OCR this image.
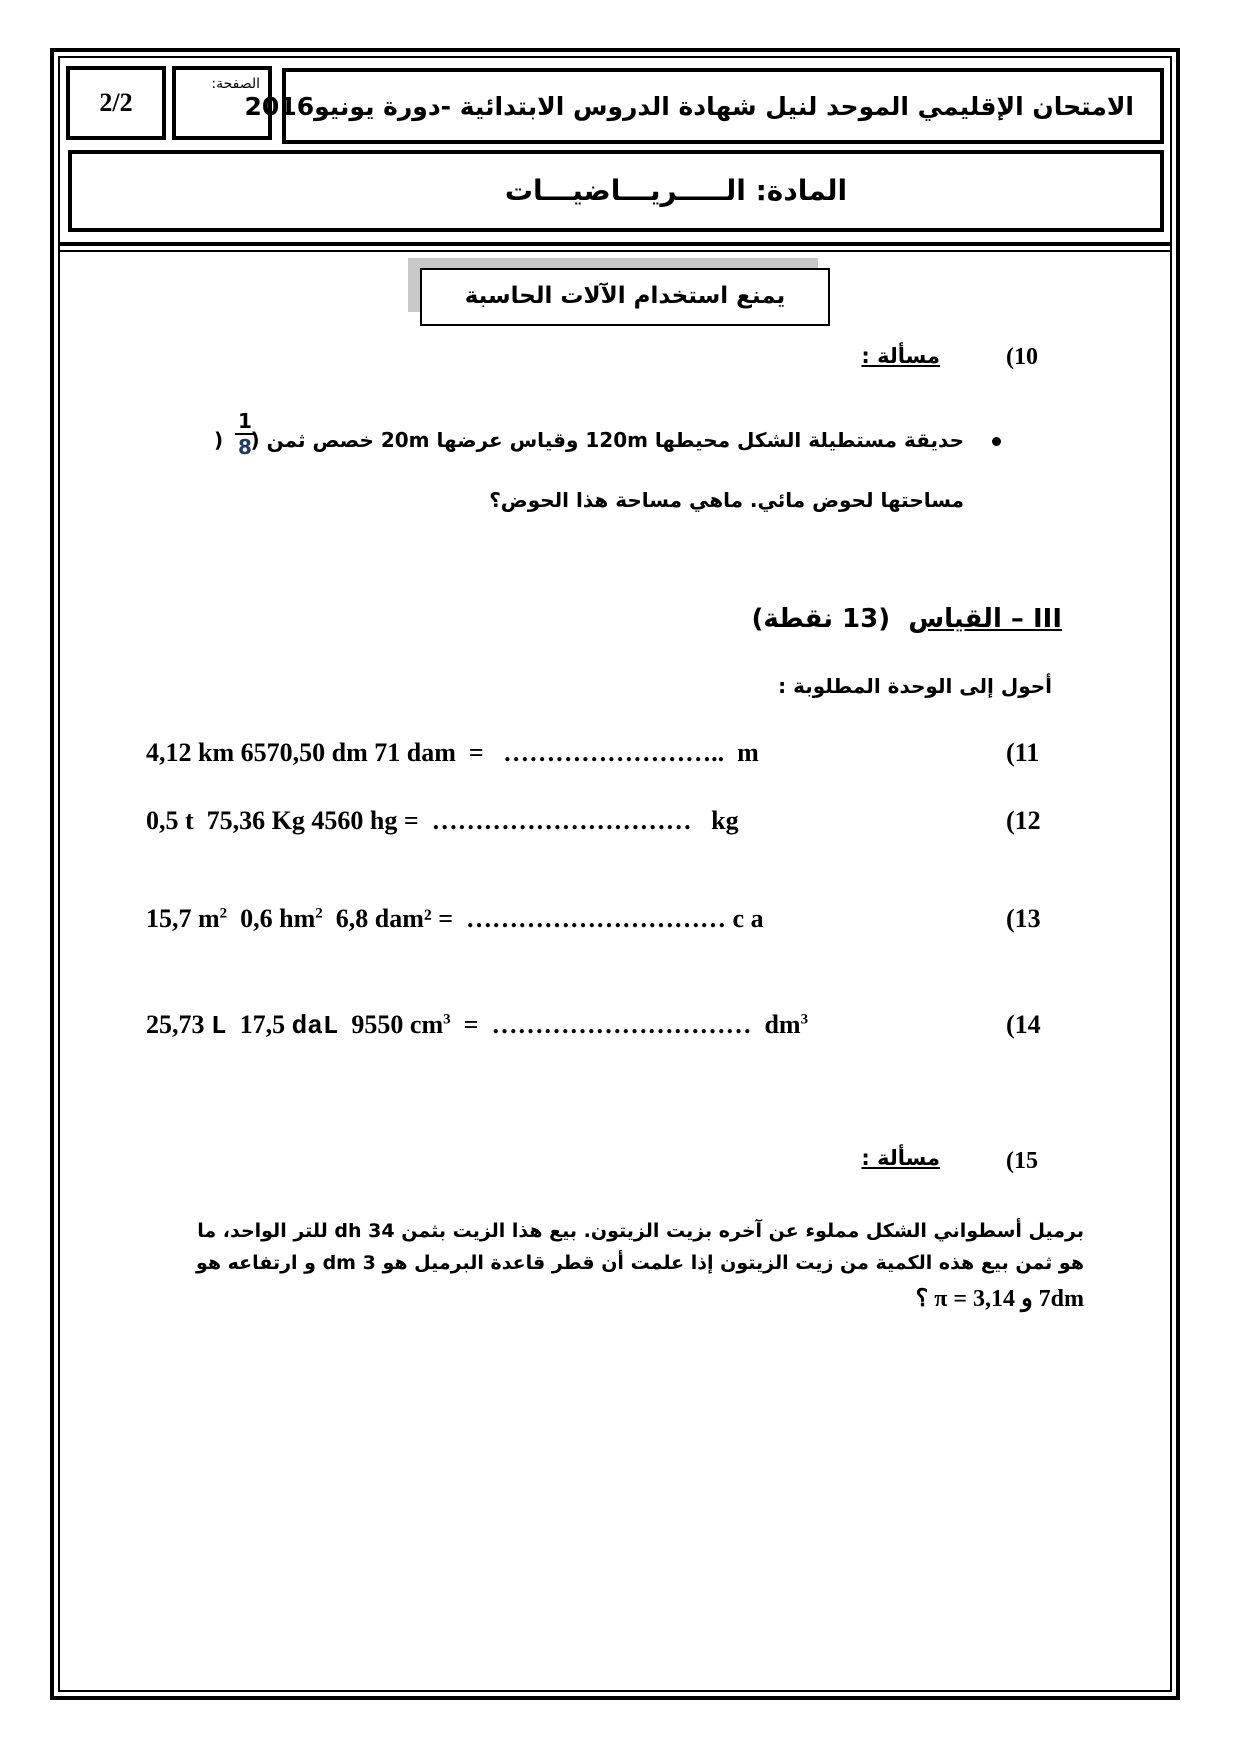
2/2
الصفحة:
الامتحان الإقليمي الموحد لنيل شهادة الدروس الابتدائية -دورة يونيو2016
المادة: الـــــريـــاضيـــات
يمنع استخدام الآلات الحاسبة
(10
مسألة :
حديقة مستطيلة الشكل محيطها 120m وقياس عرضها 20m خصص ثمن (
1
8
)
مساحتها لحوض مائي. ماهي مساحة هذا الحوض؟
III – القياس  (13 نقطة)
أحول إلى الوحدة المطلوبة :
4,12 km 6570,50 dm 71 dam  =   ……………………..  m	(11
0,5 t  75,36 Kg 4560 hg =  …………………………   kg	(12
15,7 $m^2$  0,6 $hm^2$  6,8 dam² =  ………………………… c a	(13
25,73 L  17,5 daL  9550 $cm^3$  =  …………………………  $dm^3$	(14
(15
مسألة :
برميل أسطواني الشكل مملوء عن آخره بزيت الزيتون. بيع هذا الزيت بثمن 34 dh للتر الواحد، ما
هو ثمن بيع هذه الكمية من زيت الزيتون إذا علمت أن قطر قاعدة البرميل هو 3 dm و ارتفاعه هو
7dm و π = 3,14 ؟
